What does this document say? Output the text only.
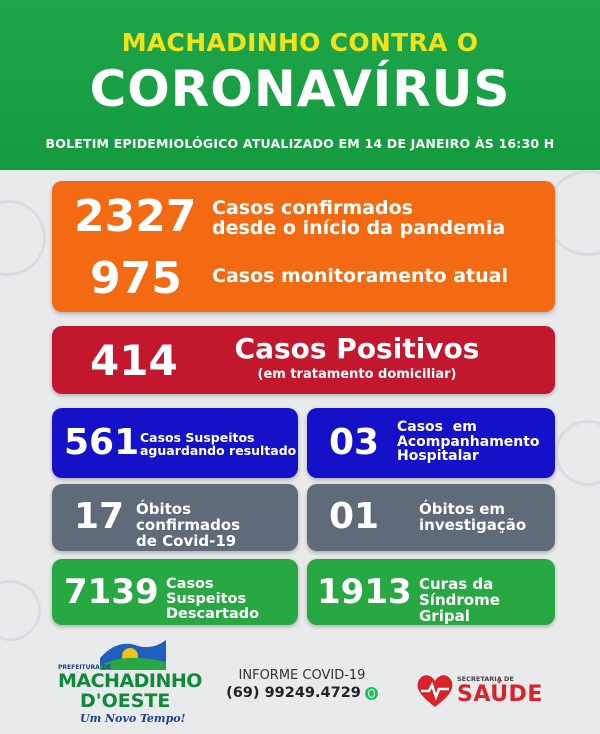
MACHADINHO CONTRA O
CORONAVÍRUS
BOLETIM EPIDEMIOLÓGICO ATUALIZADO EM 14 DE JANEIRO ÀS 16:30 H
2327 Casos confirmados
desde o início da pandemia
975 Casos monitoramento atual
414 Casos Positivos
(em tratamento domiciliar)
561 Casos Suspeitos
aguardando resultado 03 Casos  em
Acompanhamento
Hospitalar
17 Óbitos confirmados
de Covid-19
01	Óbitos em
investigação
7139 Casos Suspeitos
Descartado
1913 Curas da
Síndrome Gripal
PREFEITURA DE
MACHADINHO
D'OESTE
Um Novo Tempo!
INFORME COVID-19
(69) 99249.4729
SECRETARIA DE
SAÚDE
